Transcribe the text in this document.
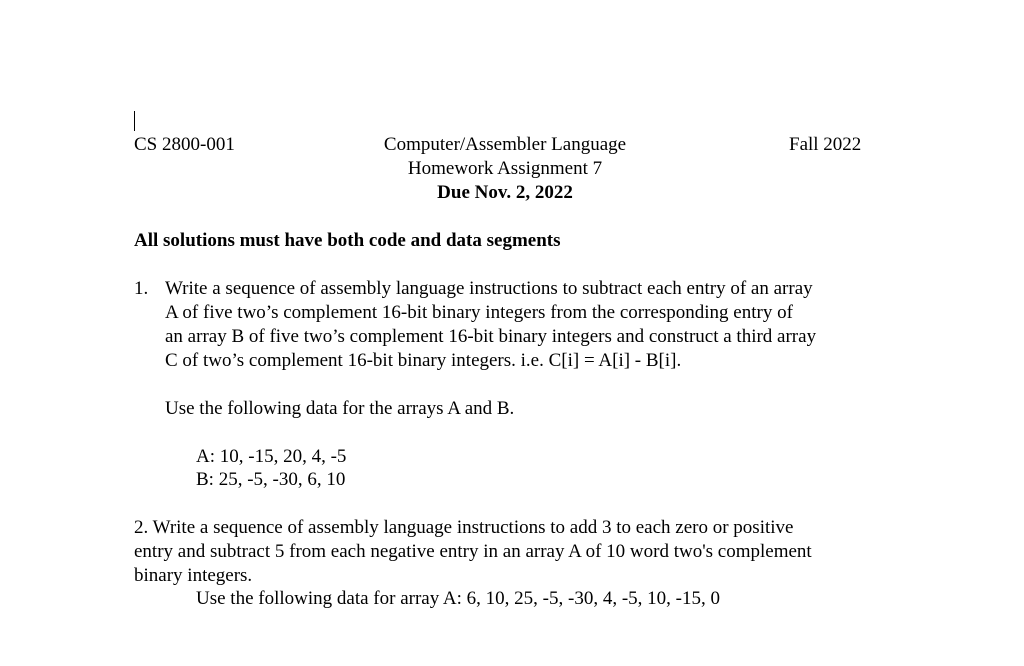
CS 2800-001	Computer/Assembler Language	Fall 2022
Homework Assignment 7
Due Nov. 2, 2022
All solutions must have both code and data segments
1. Write a sequence of assembly language instructions to subtract each entry of an array
A of five two’s complement 16-bit binary integers from the corresponding entry of
an array B of five two’s complement 16-bit binary integers and construct a third array
C of two’s complement 16-bit binary integers. i.e. C[i] = A[i] - B[i].
Use the following data for the arrays A and B.
A: 10, -15, 20, 4, -5
B: 25, -5, -30, 6, 10
2. Write a sequence of assembly language instructions to add 3 to each zero or positive
entry and subtract 5 from each negative entry in an array A of 10 word two's complement
binary integers.
Use the following data for array A: 6, 10, 25, -5, -30, 4, -5, 10, -15, 0
